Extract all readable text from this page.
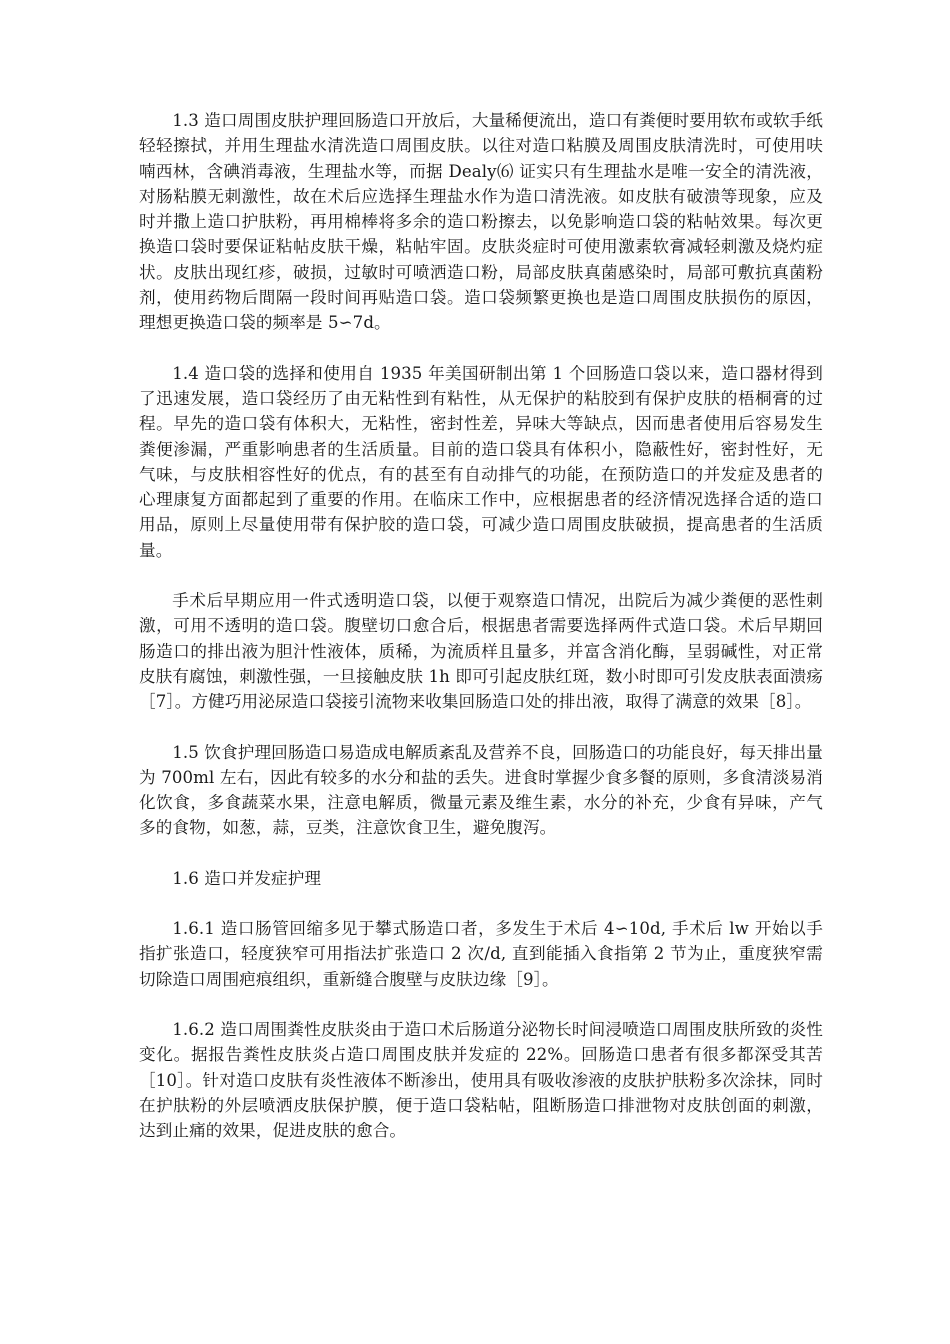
1.3 造口周围皮肤护理回肠造口开放后，大量稀便流出，造口有粪便时要用软布或软手纸轻轻擦拭，并用生理盐水清洗造口周围皮肤。以往对造口粘膜及周围皮肤清洗时，可使用呋喃西林，含碘消毒液，生理盐水等，而据 Dealy⑹ 证实只有生理盐水是唯一安全的清洗液，对肠粘膜无刺激性，故在术后应选择生理盐水作为造口清洗液。如皮肤有破溃等现象，应及时并撒上造口护肤粉，再用棉棒将多余的造口粉擦去，以免影响造口袋的粘帖效果。每次更换造口袋时要保证粘帖皮肤干燥，粘帖牢固。皮肤炎症时可使用激素软膏减轻刺激及烧灼症状。皮肤出现红疹，破损，过敏时可喷洒造口粉，局部皮肤真菌感染时，局部可敷抗真菌粉剂，使用药物后間隔一段时间再贴造口袋。造口袋频繁更换也是造口周围皮肤损伤的原因，理想更换造口袋的频率是 5∽7d。

1.4 造口袋的选择和使用自 1935 年美国研制出第 1 个回肠造口袋以来，造口器材得到了迅速发展，造口袋经历了由无粘性到有粘性，从无保护的粘胶到有保护皮肤的梧桐膏的过程。早先的造口袋有体积大，无粘性，密封性差，异味大等缺点，因而患者使用后容易发生粪便渗漏，严重影响患者的生活质量。目前的造口袋具有体积小，隐蔽性好，密封性好，无气味，与皮肤相容性好的优点，有的甚至有自动排气的功能，在预防造口的并发症及患者的心理康复方面都起到了重要的作用。在临床工作中，应根据患者的经济情况选择合适的造口用品，原则上尽量使用带有保护胶的造口袋，可减少造口周围皮肤破损，提高患者的生活质量。

手术后早期应用一件式透明造口袋，以便于观察造口情况，出院后为减少粪便的恶性刺激，可用不透明的造口袋。腹壁切口愈合后，根据患者需要选择两件式造口袋。术后早期回肠造口的排出液为胆汁性液体，质稀，为流质样且量多，并富含消化酶，呈弱碱性，对正常皮肤有腐蚀，刺激性强，一旦接触皮肤 1h 即可引起皮肤红斑，数小时即可引发皮肤表面溃疡［7］。方健巧用泌尿造口袋接引流物来收集回肠造口处的排出液，取得了满意的效果［8］。

1.5 饮食护理回肠造口易造成电解质紊乱及营养不良，回肠造口的功能良好，每天排出量为 700ml 左右，因此有较多的水分和盐的丢失。进食时掌握少食多餐的原则，多食清淡易消化饮食，多食蔬菜水果，注意电解质，微量元素及维生素，水分的补充，少食有异味，产气多的食物，如葱，蒜，豆类，注意饮食卫生，避免腹泻。

1.6 造口并发症护理

1.6.1 造口肠管回缩多见于攀式肠造口者，多发生于术后 4∽10d, 手术后 lw 开始以手指扩张造口，轻度狭窄可用指法扩张造口 2 次/d, 直到能插入食指第 2 节为止，重度狭窄需切除造口周围疤痕组织，重新缝合腹壁与皮肤边缘［9］。

1.6.2 造口周围粪性皮肤炎由于造口术后肠道分泌物长时间浸喷造口周围皮肤所致的炎性变化。据报告粪性皮肤炎占造口周围皮肤并发症的 22%。回肠造口患者有很多都深受其苦［10］。针对造口皮肤有炎性液体不断渗出，使用具有吸收渗液的皮肤护肤粉多次涂抹，同时在护肤粉的外层喷洒皮肤保护膜，便于造口袋粘帖，阻断肠造口排泄物对皮肤创面的刺激，达到止痛的效果，促进皮肤的愈合。
